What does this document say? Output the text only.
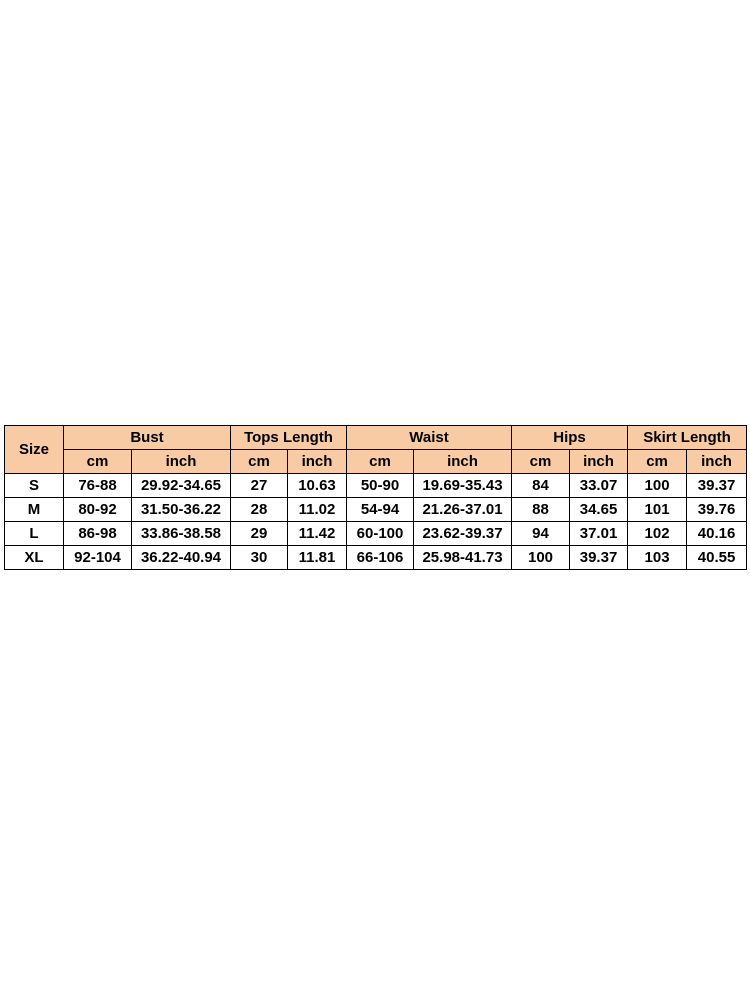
Size	Bust		Tops Length		Waist		Hips		Skirt Length	
	cm	inch	cm	inch	cm	inch	cm	inch	cm	inch
S	76-88	29.92-34.65	27	10.63	50-90	19.69-35.43	84	33.07	100	39.37
M	80-92	31.50-36.22	28	11.02	54-94	21.26-37.01	88	34.65	101	39.76
L	86-98	33.86-38.58	29	11.42	60-100	23.62-39.37	94	37.01	102	40.16
XL	92-104	36.22-40.94	30	11.81	66-106	25.98-41.73	100	39.37	103	40.55
